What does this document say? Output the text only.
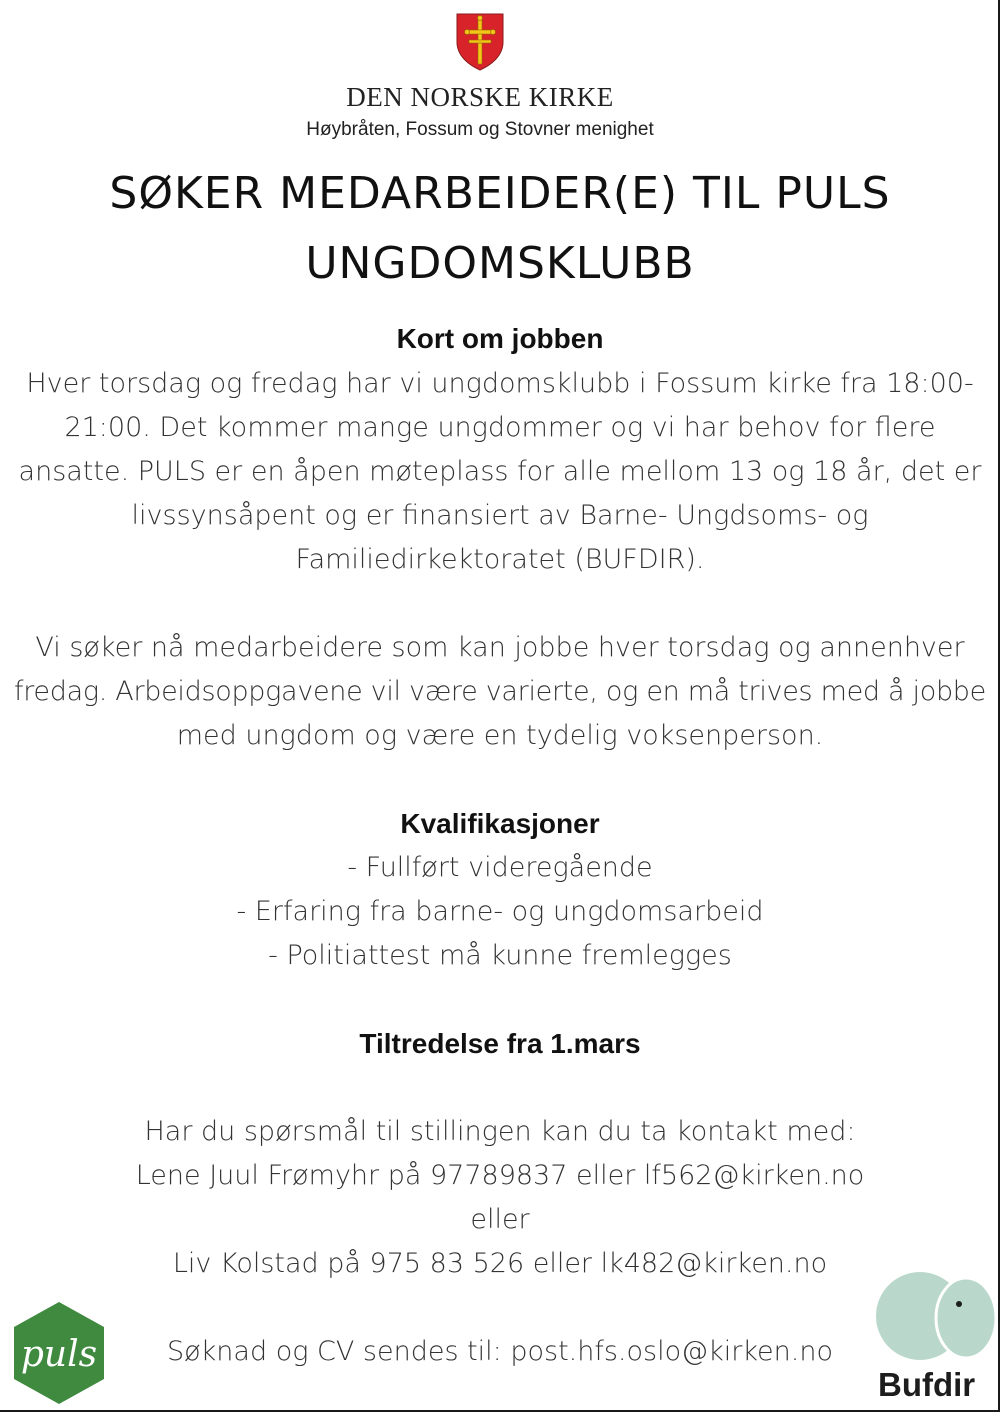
DEN NORSKE KIRKE
Høybråten, Fossum og Stovner menighet
SØKER MEDARBEIDER(E) TIL PULS
UNGDOMSKLUBB
Kort om jobben
Hver torsdag og fredag har vi ungdomsklubb i Fossum kirke fra 18:00-
21:00. Det kommer mange ungdommer og vi har behov for flere
ansatte. PULS er en åpen møteplass for alle mellom 13 og 18 år, det er
livssynsåpent og er finansiert av Barne- Ungdsoms- og
Familiedirkektoratet (BUFDIR).
Vi søker nå medarbeidere som kan jobbe hver torsdag og annenhver
fredag. Arbeidsoppgavene vil være varierte, og en må trives med å jobbe
med ungdom og være en tydelig voksenperson.
Kvalifikasjoner
- Fullført videregående
- Erfaring fra barne- og ungdomsarbeid
- Politiattest må kunne fremlegges
Tiltredelse fra 1.mars
Har du spørsmål til stillingen kan du ta kontakt med:
Lene Juul Frømyhr på 97789837 eller lf562@kirken.no
eller
Liv Kolstad på 975 83 526 eller lk482@kirken.no
Søknad og CV sendes til: post.hfs.oslo@kirken.no
puls
Bufdir
